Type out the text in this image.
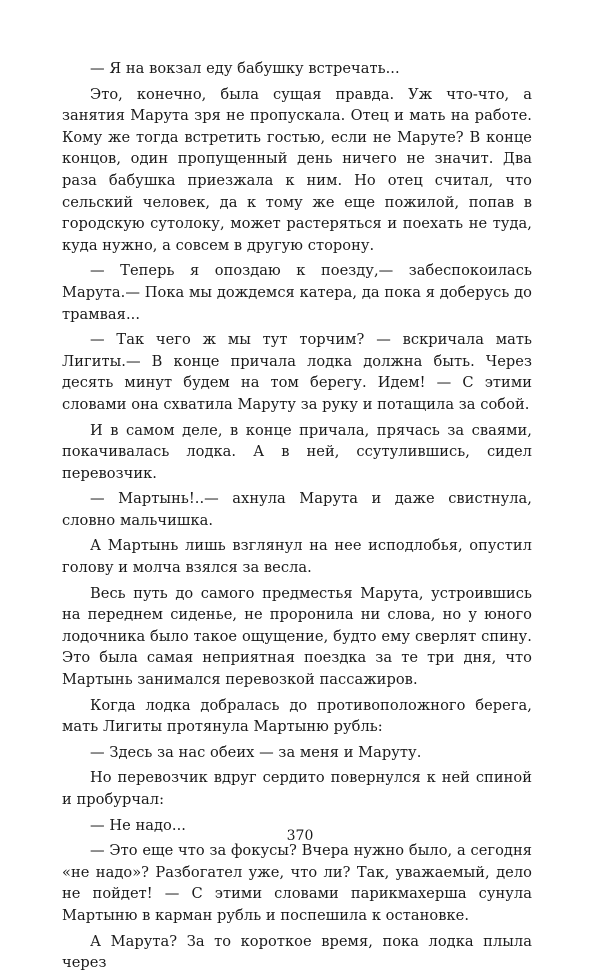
— Я на вокзал еду бабушку встречать...

Это, конечно, была сущая правда. Уж что-что, а занятия Марута зря не пропускала. Отец и мать на работе. Кому же тогда встретить гостью, если не Маруте? В конце концов, один пропущенный день ничего не значит. Два раза бабушка приезжала к ним. Но отец считал, что сельский человек, да к тому же еще пожилой, попав в городскую сутолоку, может растеряться и поехать не туда, куда нужно, а совсем в другую сторону.

— Теперь я опоздаю к поезду,— забеспокоилась Марута.— Пока мы дождемся катера, да пока я доберусь до трамвая...

— Так чего ж мы тут торчим? — вскричала мать Лигиты.— В конце причала лодка должна быть. Через десять минут будем на том берегу. Идем! — С этими словами она схватила Маруту за руку и потащила за собой.

И в самом деле, в конце причала, прячась за сваями, покачивалась лодка. А в ней, ссутулившись, сидел перевозчик.

— Мартынь!..— ахнула Марута и даже свистнула, словно мальчишка.

А Мартынь лишь взглянул на нее исподлобья, опустил голову и молча взялся за весла.

Весь путь до самого предместья Марута, устроившись на переднем сиденье, не проронила ни слова, но у юного лодочника было такое ощущение, будто ему сверлят спину. Это была самая неприятная поездка за те три дня, что Мартынь занимался перевозкой пассажиров.

Когда лодка добралась до противоположного берега, мать Лигиты протянула Мартыню рубль:

— Здесь за нас обеих — за меня и Маруту.

Но перевозчик вдруг сердито повернулся к ней спиной и пробурчал:

— Не надо...

— Это еще что за фокусы? Вчера нужно было, а сегодня «не надо»? Разбогател уже, что ли? Так, уважаемый, дело не пойдет! — С этими словами парикмахерша сунула Мартыню в карман рубль и поспешила к остановке.

А Марута? За то короткое время, пока лодка плыла через

370
